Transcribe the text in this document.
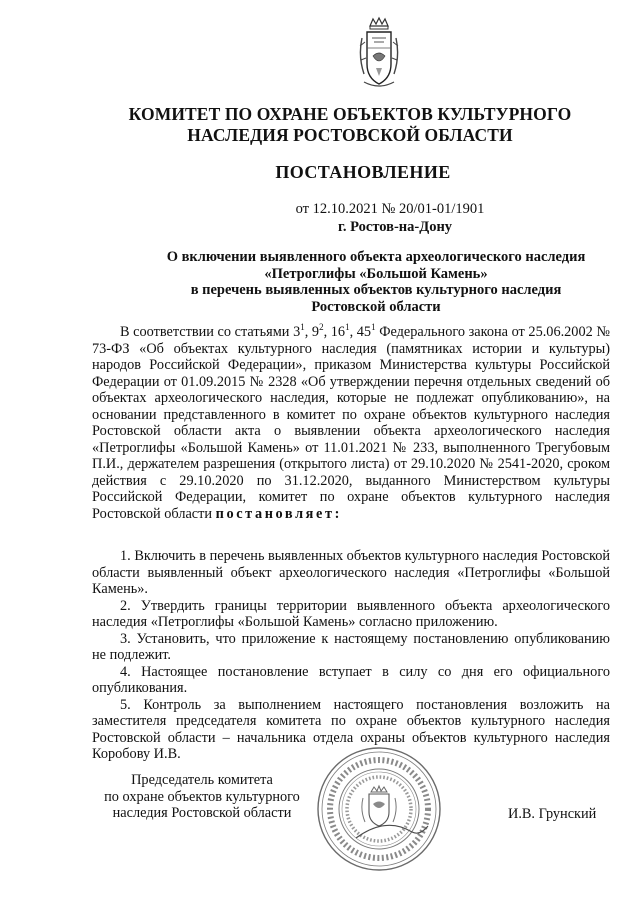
КОМИТЕТ ПО ОХРАНЕ ОБЪЕКТОВ КУЛЬТУРНОГО
НАСЛЕДИЯ РОСТОВСКОЙ ОБЛАСТИ
ПОСТАНОВЛЕНИЕ
от 12.10.2021 № 20/01-01/1901
г. Ростов-на-Дону
О включении выявленного объекта археологического наследия
«Петроглифы «Большой Камень»
в перечень выявленных объектов культурного наследия
Ростовской области

В соответствии со статьями $3^1$, $9^2$, $16^1$, $45^1$ Федерального закона от 25.06.2002 № 73-ФЗ «Об объектах культурного наследия (памятниках истории и культуры) народов Российской Федерации», приказом Министерства культуры Российской Федерации от 01.09.2015 № 2328 «Об утверждении перечня отдельных сведений об объектах археологического наследия, которые не подлежат опубликованию», на основании представленного в комитет по охране объектов культурного наследия Ростовской области акта о выявлении объекта археологического наследия «Петроглифы «Большой Камень» от 11.01.2021 № 233, выполненного Трегубовым П.И., держателем разрешения (открытого листа) от 29.10.2020 № 2541-2020, сроком действия с 29.10.2020 по 31.12.2020, выданного Министерством культуры Российской Федерации, комитет по охране объектов культурного наследия Ростовской области постановляет:

1. Включить в перечень выявленных объектов культурного наследия Ростовской области выявленный объект археологического наследия «Петроглифы «Большой Камень».

2. Утвердить границы территории выявленного объекта археологического наследия «Петроглифы «Большой Камень» согласно приложению.

3. Установить, что приложение к настоящему постановлению опубликованию не подлежит.

4. Настоящее постановление вступает в силу со дня его официального опубликования.

5. Контроль за выполнением настоящего постановления возложить на заместителя председателя комитета по охране объектов культурного наследия Ростовской области – начальника отдела охраны объектов культурного наследия Коробову И.В.

Председатель комитета
по охране объектов культурного
наследия Ростовской области	И.В. Грунский
